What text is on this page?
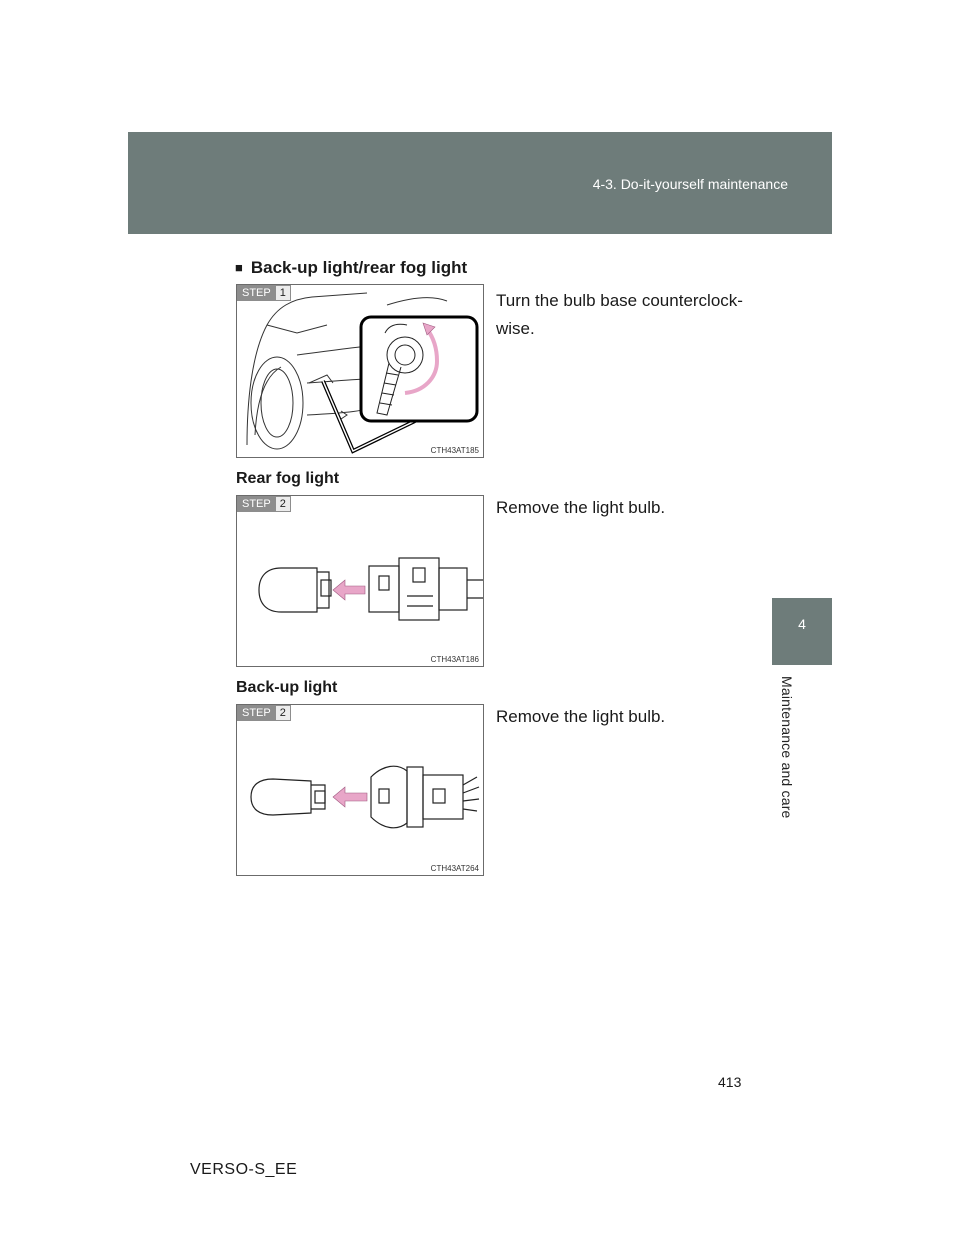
4-3. Do-it-yourself maintenance
4
Maintenance and care
■ Back-up light/rear fog light
STEP 1
CTH43AT185
Turn the bulb base counterclock-wise.
Rear fog light
STEP 2
CTH43AT186
Remove the light bulb.
Back-up light
STEP 2
CTH43AT264
Remove the light bulb.
413
VERSO-S_EE
